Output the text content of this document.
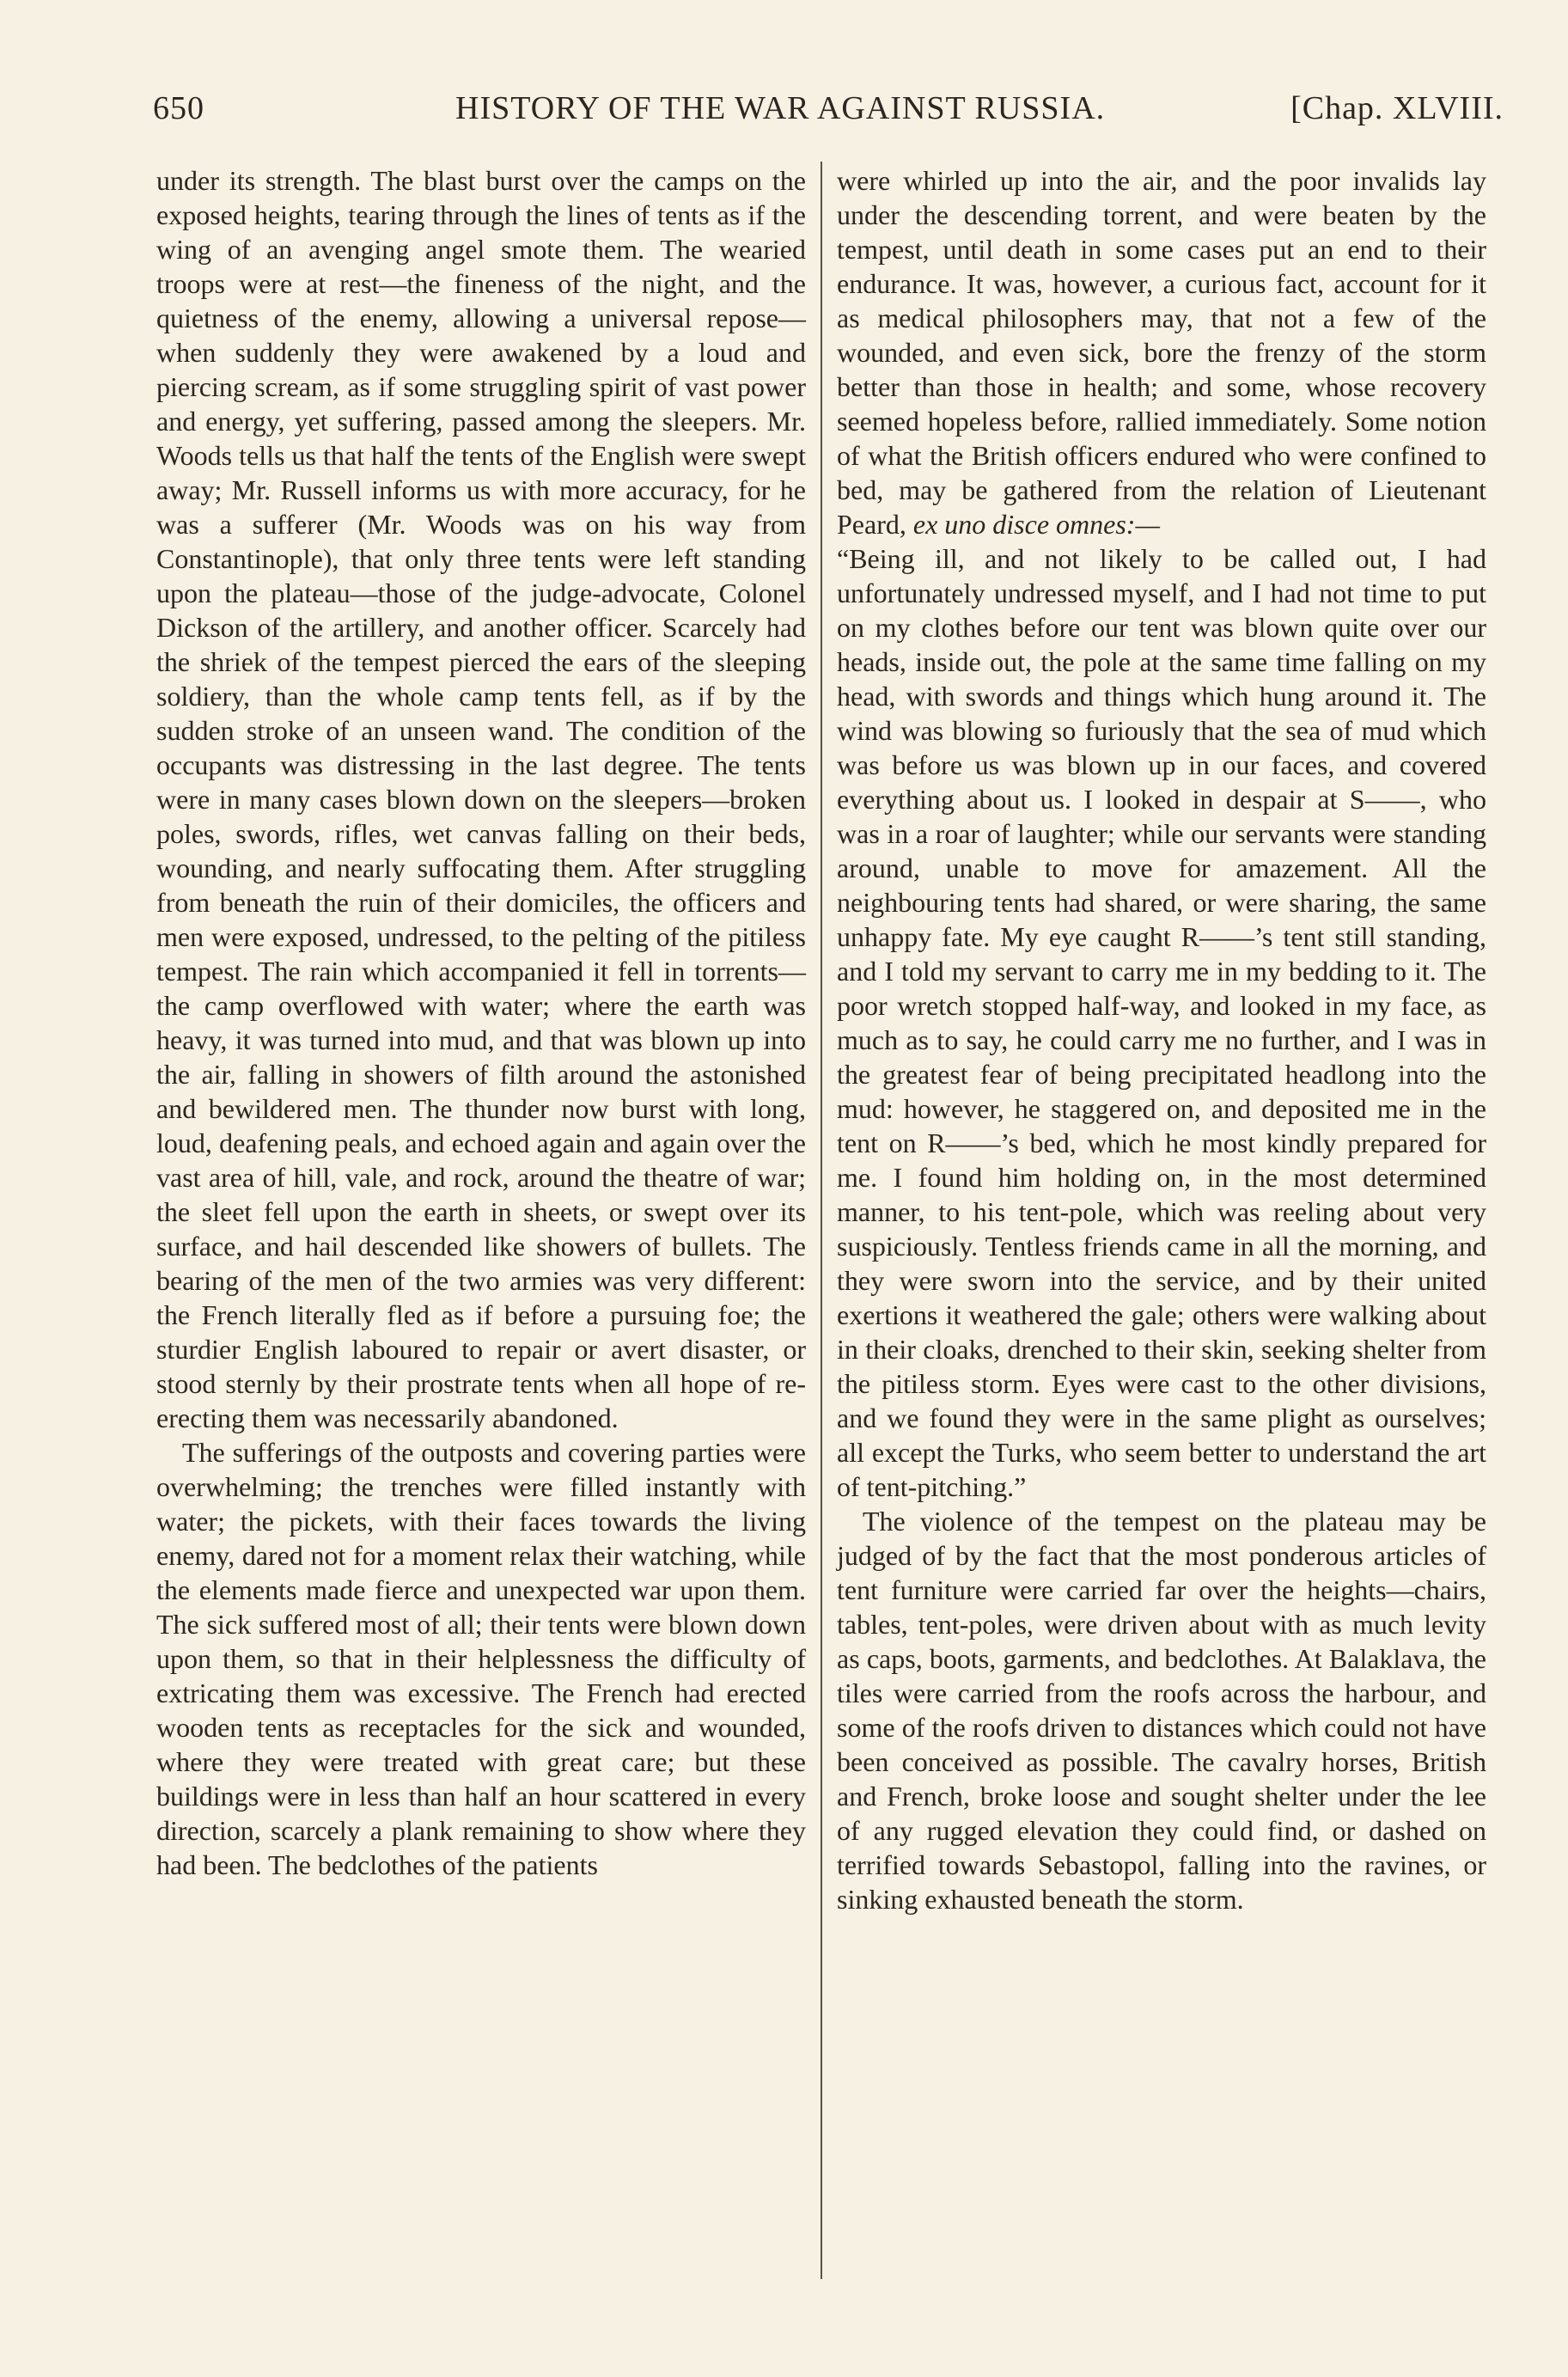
650	HISTORY OF THE WAR AGAINST RUSSIA.	[Chap. XLVIII.

under its strength. The blast burst over the camps on the exposed heights, tearing through the lines of tents as if the wing of an avenging angel smote them. The wearied troops were at rest—the fineness of the night, and the quietness of the enemy, allowing a universal repose—when suddenly they were awakened by a loud and piercing scream, as if some struggling spirit of vast power and energy, yet suffering, passed among the sleepers. Mr. Woods tells us that half the tents of the English were swept away; Mr. Russell informs us with more accuracy, for he was a sufferer (Mr. Woods was on his way from Constantinople), that only three tents were left standing upon the plateau—those of the judge-advocate, Colonel Dickson of the artillery, and another officer. Scarcely had the shriek of the tempest pierced the ears of the sleeping soldiery, than the whole camp tents fell, as if by the sudden stroke of an unseen wand. The condition of the occupants was distressing in the last degree. The tents were in many cases blown down on the sleepers—broken poles, swords, rifles, wet canvas falling on their beds, wounding, and nearly suffocating them. After struggling from beneath the ruin of their domiciles, the officers and men were exposed, undressed, to the pelting of the pitiless tempest. The rain which accompanied it fell in torrents—the camp overflowed with water; where the earth was heavy, it was turned into mud, and that was blown up into the air, falling in showers of filth around the astonished and bewildered men. The thunder now burst with long, loud, deafening peals, and echoed again and again over the vast area of hill, vale, and rock, around the theatre of war; the sleet fell upon the earth in sheets, or swept over its surface, and hail descended like showers of bullets. The bearing of the men of the two armies was very different: the French literally fled as if before a pursuing foe; the sturdier English laboured to repair or avert disaster, or stood sternly by their prostrate tents when all hope of re-erecting them was necessarily abandoned.

The sufferings of the outposts and covering parties were overwhelming; the trenches were filled instantly with water; the pickets, with their faces towards the living enemy, dared not for a moment relax their watching, while the elements made fierce and unexpected war upon them. The sick suffered most of all; their tents were blown down upon them, so that in their helplessness the difficulty of extricating them was excessive. The French had erected wooden tents as receptacles for the sick and wounded, where they were treated with great care; but these buildings were in less than half an hour scattered in every direction, scarcely a plank remaining to show where they had been. The bedclothes of the patients

were whirled up into the air, and the poor invalids lay under the descending torrent, and were beaten by the tempest, until death in some cases put an end to their endurance. It was, however, a curious fact, account for it as medical philosophers may, that not a few of the wounded, and even sick, bore the frenzy of the storm better than those in health; and some, whose recovery seemed hopeless before, rallied immediately. Some notion of what the British officers endured who were confined to bed, may be gathered from the relation of Lieutenant Peard, ex uno disce omnes:—

“Being ill, and not likely to be called out, I had unfortunately undressed myself, and I had not time to put on my clothes before our tent was blown quite over our heads, inside out, the pole at the same time falling on my head, with swords and things which hung around it. The wind was blowing so furiously that the sea of mud which was before us was blown up in our faces, and covered everything about us. I looked in despair at S——, who was in a roar of laughter; while our servants were standing around, unable to move for amazement. All the neighbouring tents had shared, or were sharing, the same unhappy fate. My eye caught R——’s tent still standing, and I told my servant to carry me in my bedding to it. The poor wretch stopped half-way, and looked in my face, as much as to say, he could carry me no further, and I was in the greatest fear of being precipitated headlong into the mud: however, he staggered on, and deposited me in the tent on R——’s bed, which he most kindly prepared for me. I found him holding on, in the most determined manner, to his tent-pole, which was reeling about very suspiciously. Tentless friends came in all the morning, and they were sworn into the service, and by their united exertions it weathered the gale; others were walking about in their cloaks, drenched to their skin, seeking shelter from the pitiless storm. Eyes were cast to the other divisions, and we found they were in the same plight as ourselves; all except the Turks, who seem better to understand the art of tent-pitching.”

The violence of the tempest on the plateau may be judged of by the fact that the most ponderous articles of tent furniture were carried far over the heights—chairs, tables, tent-poles, were driven about with as much levity as caps, boots, garments, and bedclothes. At Balaklava, the tiles were carried from the roofs across the harbour, and some of the roofs driven to distances which could not have been conceived as possible. The cavalry horses, British and French, broke loose and sought shelter under the lee of any rugged elevation they could find, or dashed on terrified towards Sebastopol, falling into the ravines, or sinking exhausted beneath the storm.
